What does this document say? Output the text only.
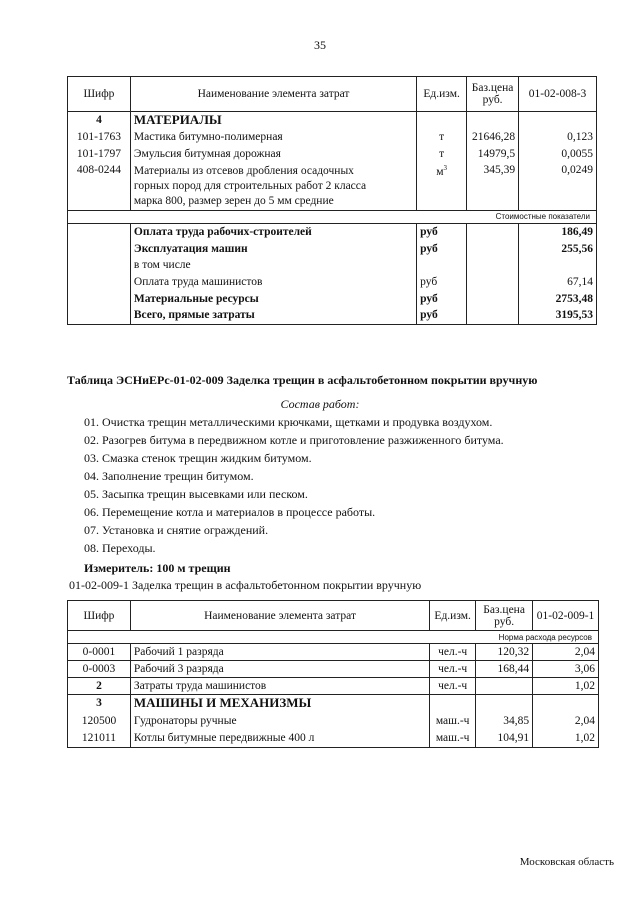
35
Шифр	Наименование элемента затрат	Ед.изм.	Баз.цена руб.	01-02-008-3
4	МАТЕРИАЛЫ			
101-1763	Мастика битумно-полимерная	т	21646,28	0,123
101-1797	Эмульсия битумная дорожная	т	14979,5	0,0055
408-0244	Материалы из отсевов дробления осадочных
горных пород для строительных работ 2 класса
марка 800, размер зерен до 5 мм средние	$м^3$	345,39	0,0249
Стоимостные показатели				
	Оплата труда рабочих-строителей	руб		186,49
	Эксплуатация машин	руб		255,56
	в том числе			
	Оплата труда машинистов	руб		67,14
	Материальные ресурсы	руб		2753,48
	Всего, прямые затраты	руб		3195,53
Таблица ЭСНиЕРс-01-02-009 Заделка трещин в асфальтобетонном покрытии вручную
Состав работ:
01. Очистка трещин металлическими крючками, щетками и продувка воздухом.
02. Разогрев битума в передвижном котле и приготовление разжиженного битума.
03. Смазка стенок трещин жидким битумом.
04. Заполнение трещин битумом.
05. Засыпка трещин высевками или песком.
06. Перемещение котла и материалов в процессе работы.
07. Установка и снятие ограждений.
08. Переходы.
Измеритель: 100 м трещин
01-02-009-1 Заделка трещин в асфальтобетонном покрытии вручную
Шифр	Наименование элемента затрат	Ед.изм.	Баз.цена руб.	01-02-009-1
Норма расхода ресурсов				
0-0001	Рабочий 1 разряда	чел.-ч	120,32	2,04
0-0003	Рабочий 3 разряда	чел.-ч	168,44	3,06
2	Затраты труда машинистов	чел.-ч		1,02
3	МАШИНЫ И МЕХАНИЗМЫ			
120500	Гудронаторы ручные	маш.-ч	34,85	2,04
121011	Котлы битумные передвижные 400 л	маш.-ч	104,91	1,02
Московская область
